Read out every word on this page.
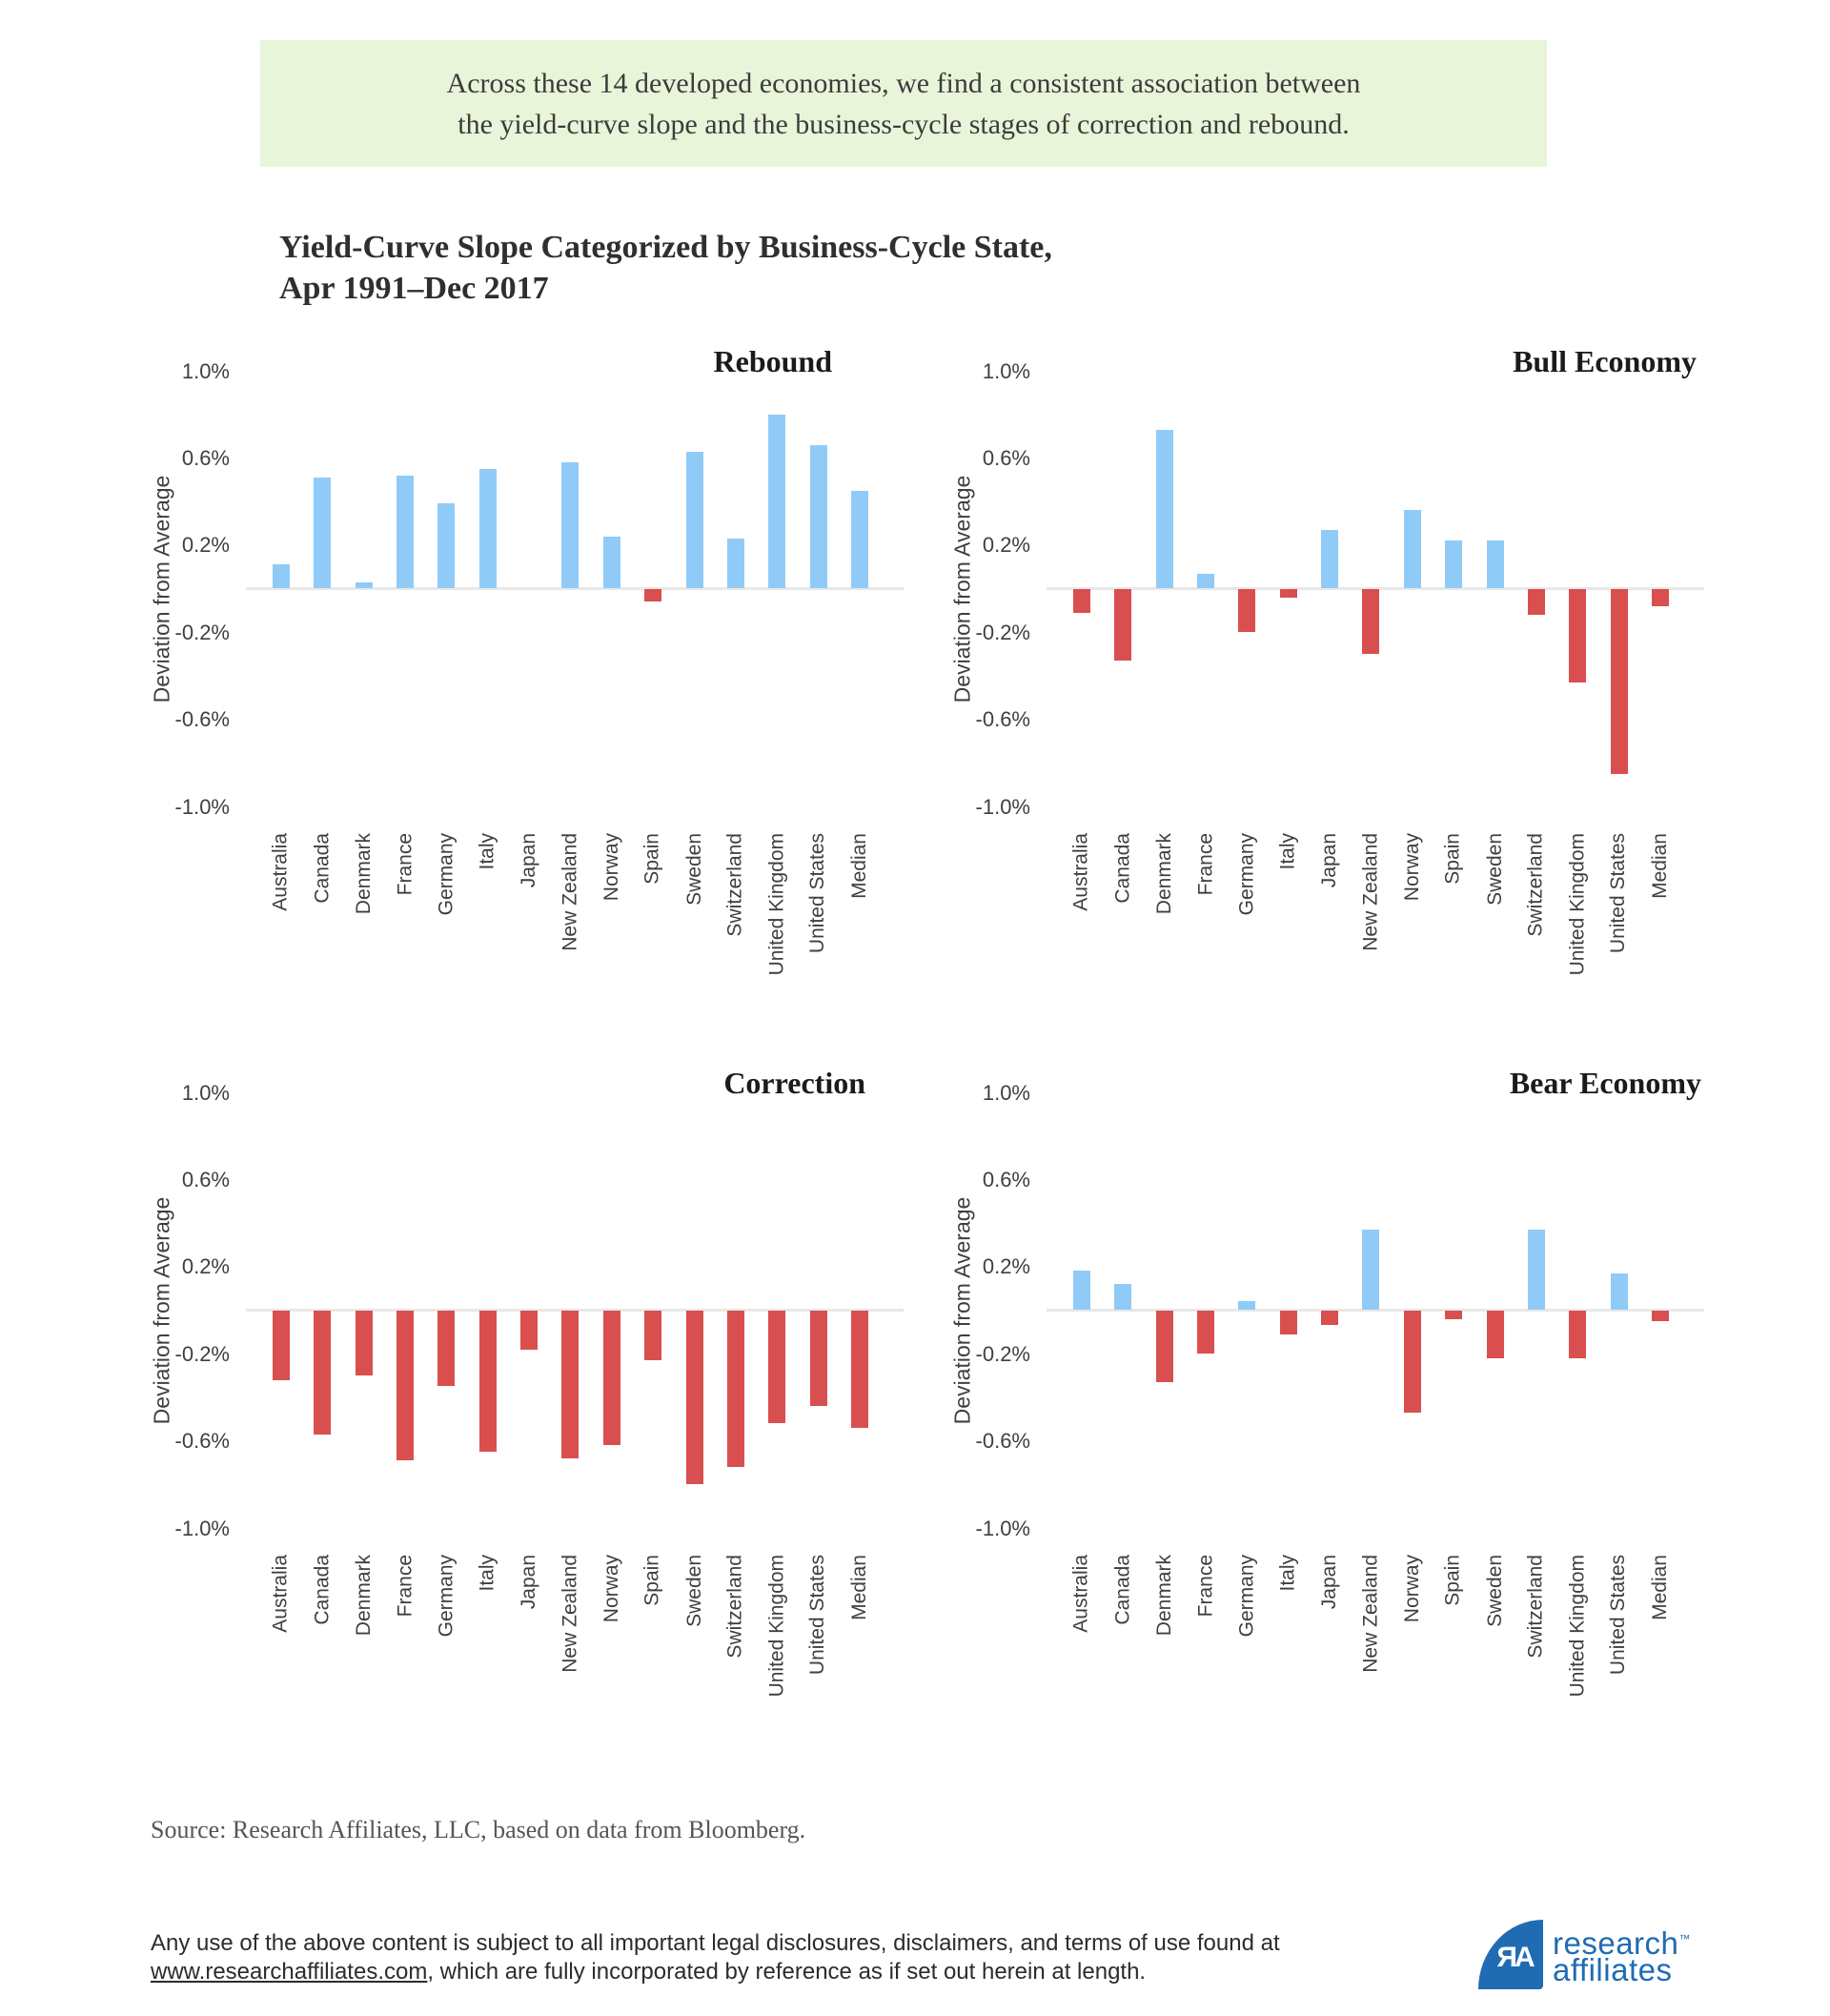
Across these 14 developed economies, we find a consistent association between
the yield-curve slope and the business-cycle stages of correction and rebound.
Yield-Curve Slope Categorized by Business-Cycle State,
Apr 1991–Dec 2017
Rebound
1.0%
0.6%
0.2%
-0.2%
-0.6%
-1.0%
Deviation from Average
Australia Canada Denmark France Germany Italy Japan New Zealand Norway Spain Sweden Switzerland United Kingdom United States Median
Bull Economy
1.0%
0.6%
0.2%
-0.2%
-0.6%
-1.0%
Deviation from Average
Australia Canada Denmark France Germany Italy Japan New Zealand Norway Spain Sweden Switzerland United Kingdom United States Median
Correction
1.0%
0.6%
0.2%
-0.2%
-0.6%
-1.0%
Deviation from Average
Australia Canada Denmark France Germany Italy Japan New Zealand Norway Spain Sweden Switzerland United Kingdom United States Median
Bear Economy
1.0%
0.6%
0.2%
-0.2%
-0.6%
-1.0%
Deviation from Average
Australia Canada Denmark France Germany Italy Japan New Zealand Norway Spain Sweden Switzerland United Kingdom United States Median
Source: Research Affiliates, LLC, based on data from Bloomberg.
Any use of the above content is subject to all important legal disclosures, disclaimers, and terms of use found at
www.researchaffiliates.com, which are fully incorporated by reference as if set out herein at length.	ЯA research™
affiliates
